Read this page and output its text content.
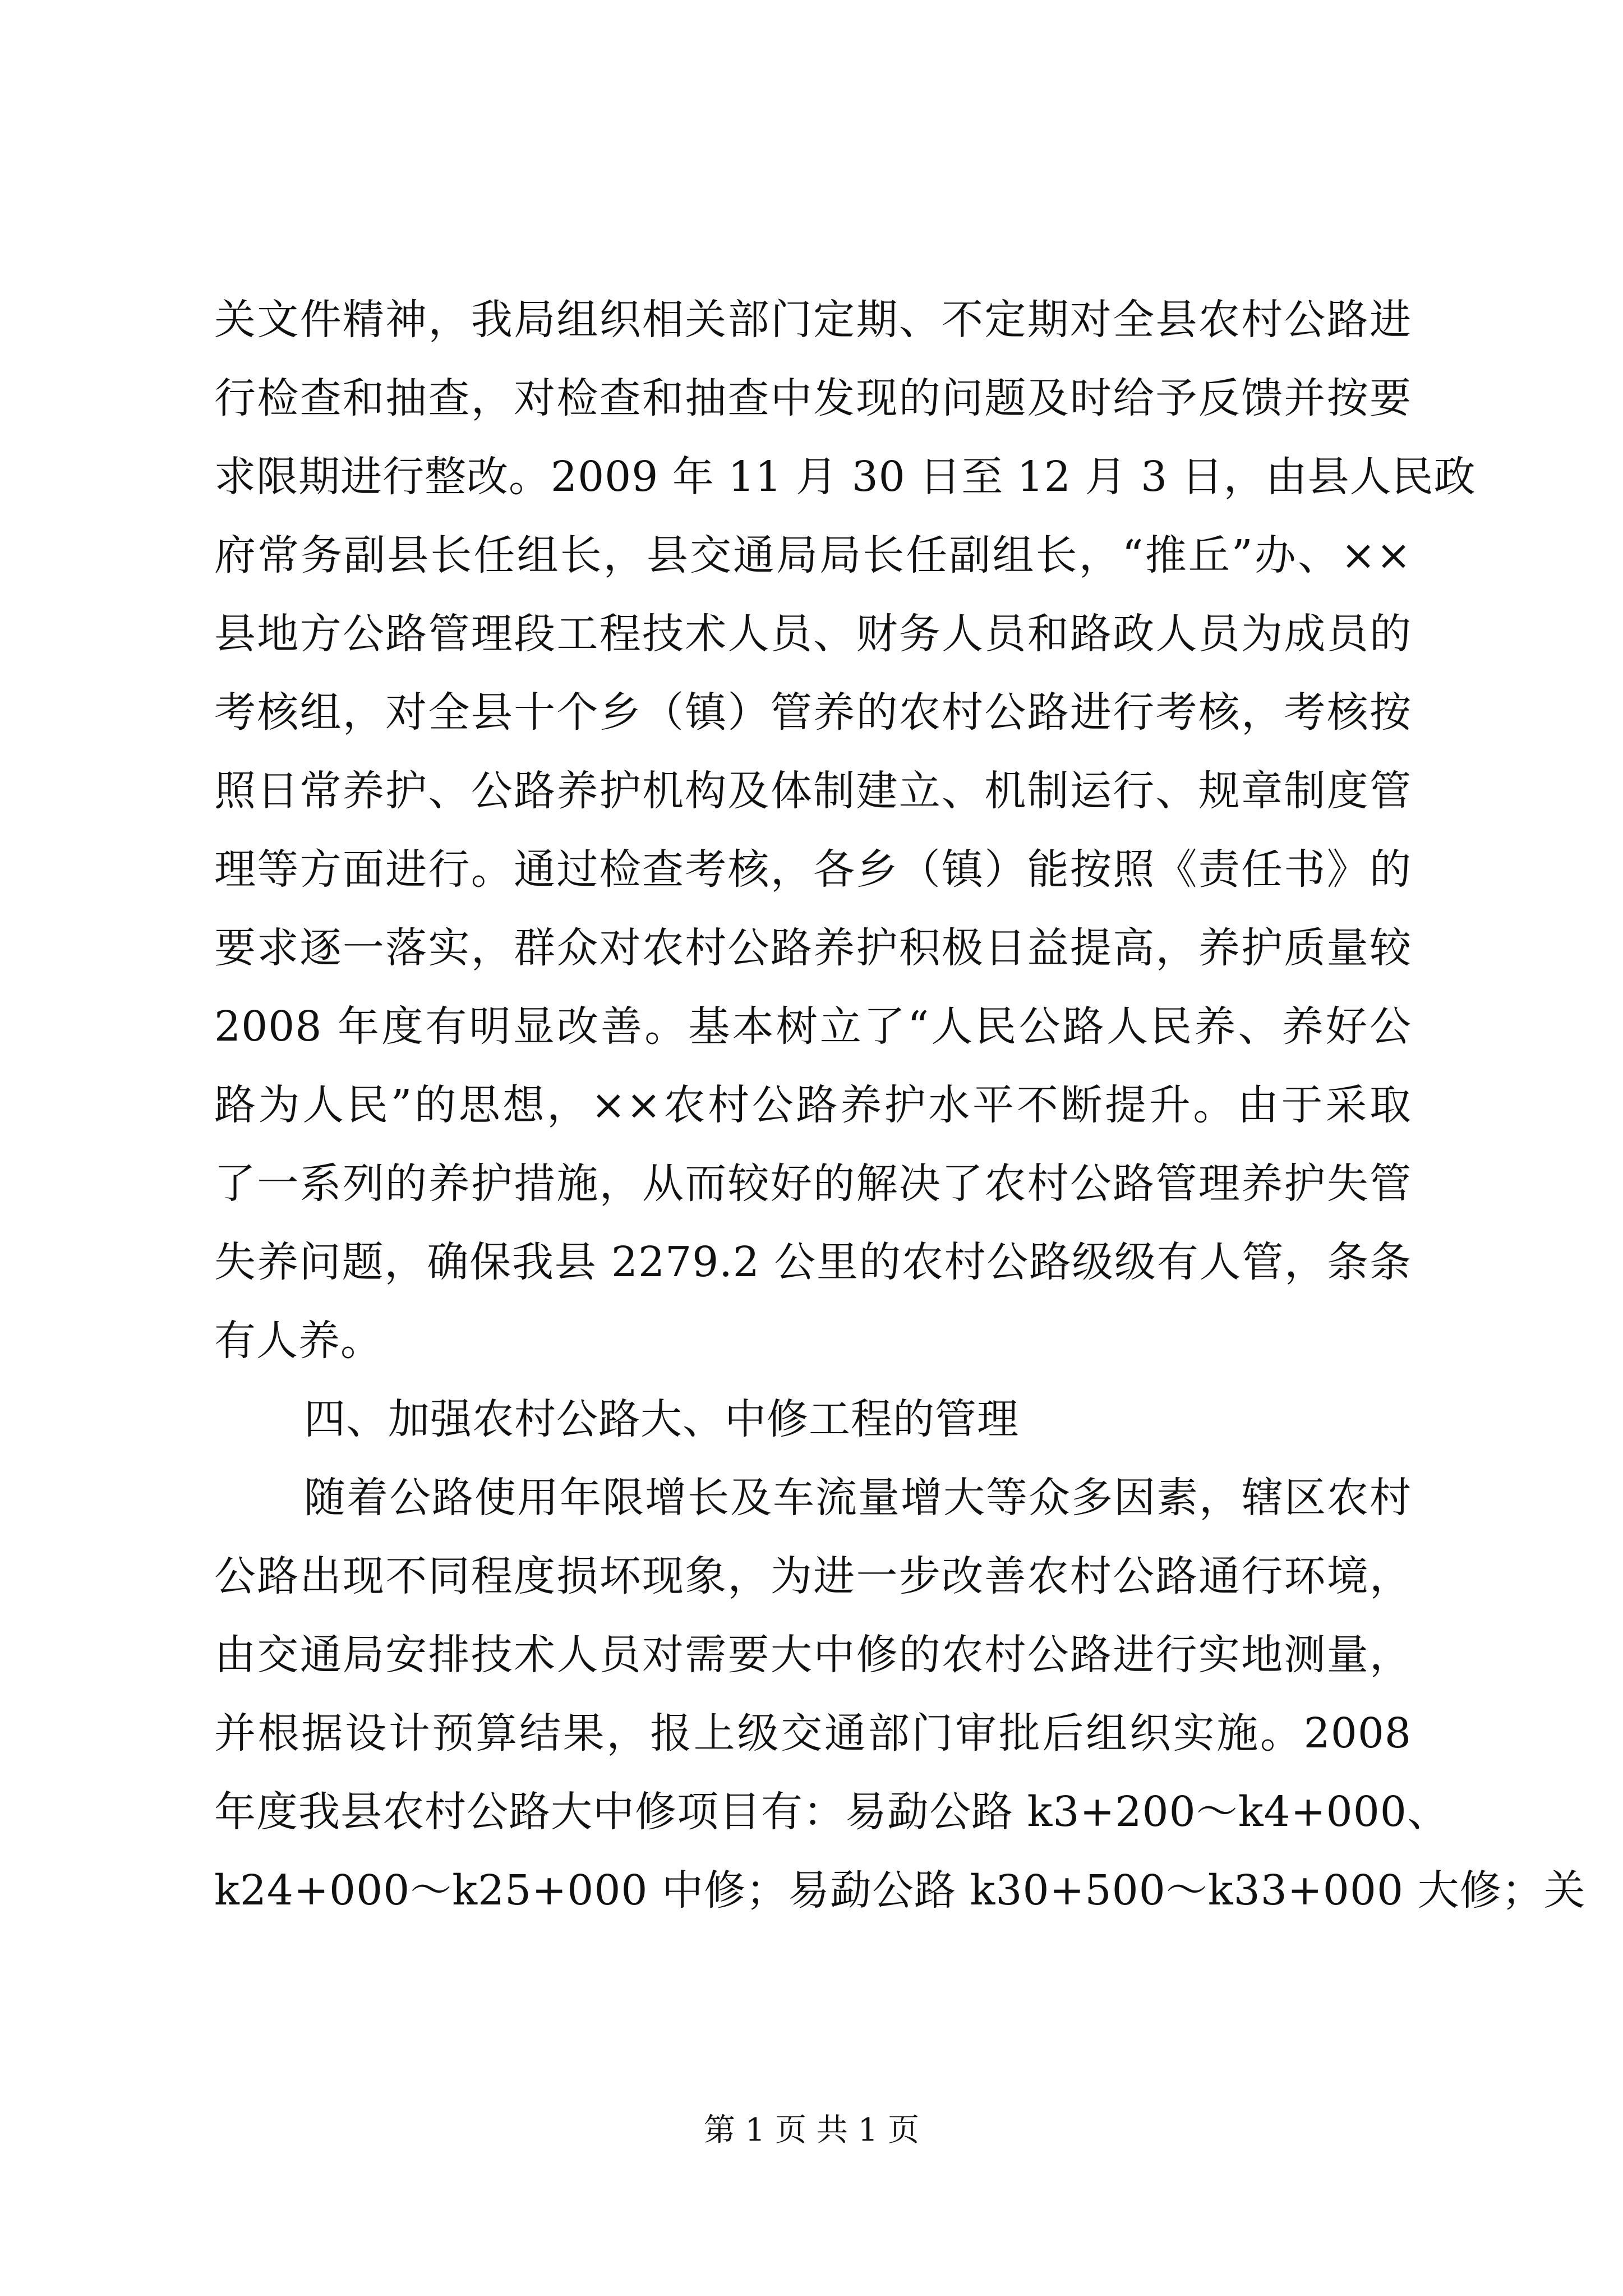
关文件精神，我局组织相关部门定期、不定期对全县农村公路进
行检查和抽查，对检查和抽查中发现的问题及时给予反馈并按要
求限期进行整改。2009 年 11 月 30 日至 12 月 3 日，由县人民政
府常务副县长任组长，县交通局局长任副组长，“推丘”办、××
县地方公路管理段工程技术人员、财务人员和路政人员为成员的
考核组，对全县十个乡（镇）管养的农村公路进行考核，考核按
照日常养护、公路养护机构及体制建立、机制运行、规章制度管
理等方面进行。通过检查考核，各乡（镇）能按照《责任书》的
要求逐一落实，群众对农村公路养护积极日益提高，养护质量较
2008 年度有明显改善。基本树立了“人民公路人民养、养好公
路为人民”的思想，××农村公路养护水平不断提升。由于采取
了一系列的养护措施，从而较好的解决了农村公路管理养护失管
失养问题，确保我县 2279.2 公里的农村公路级级有人管，条条
有人养。
四、加强农村公路大、中修工程的管理
随着公路使用年限增长及车流量增大等众多因素，辖区农村
公路出现不同程度损坏现象，为进一步改善农村公路通行环境，
由交通局安排技术人员对需要大中修的农村公路进行实地测量，
并根据设计预算结果，报上级交通部门审批后组织实施。2008
年度我县农村公路大中修项目有：易勐公路 k3+200～k4+000、
k24+000～k25+000 中修；易勐公路 k30+500～k33+000 大修；关
第 1 页 共 1 页
